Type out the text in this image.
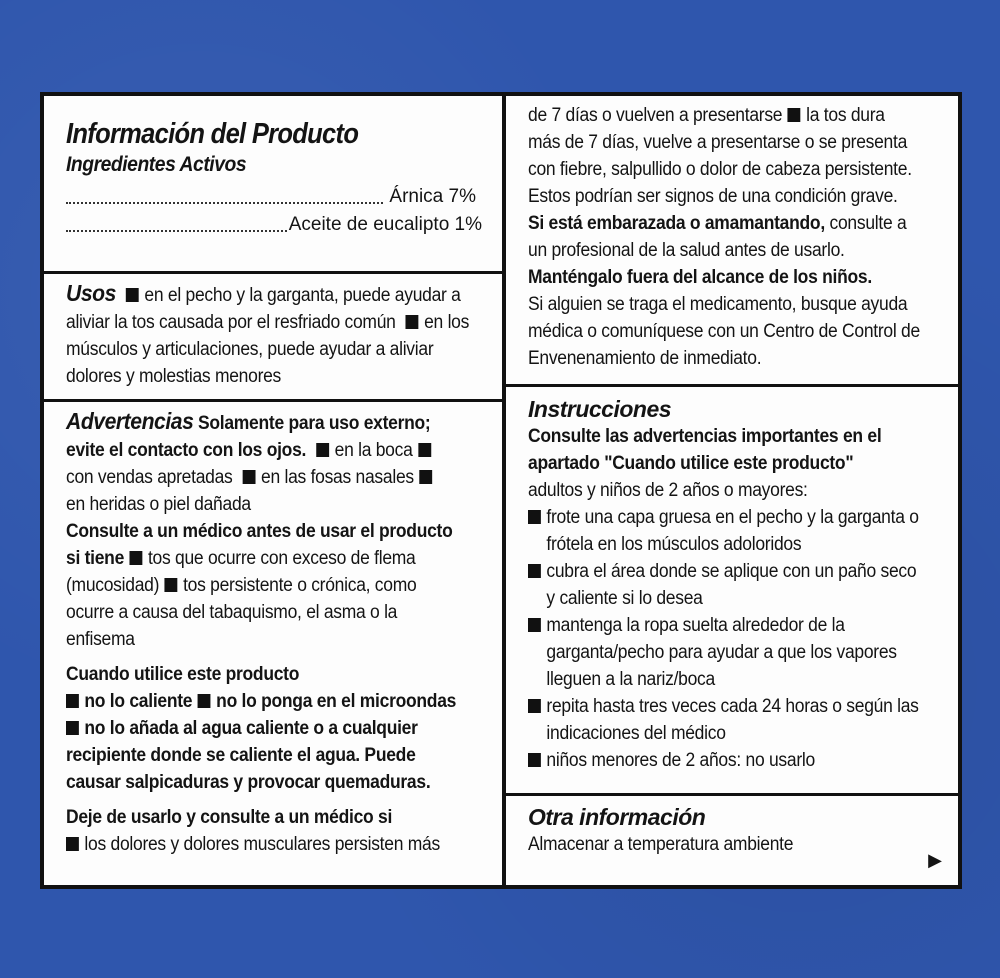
Información del Producto
Ingredientes Activos
Árnica 7%
Aceite de eucalipto 1%
Usos en el pecho y la garganta, puede ayudar a aliviar la tos causada por el resfriado común en los músculos y articulaciones, puede ayudar a aliviar dolores y molestias menores
Advertencias Solamente para uso externo;
evite el contacto con los ojos. en la boca
con vendas apretadas en las fosas nasales
en heridas o piel dañada
Consulte a un médico antes de usar el producto
si tiene tos que ocurre con exceso de flema
(mucosidad) tos persistente o crónica, como
ocurre a causa del tabaquismo, el asma o la
enfisema
Cuando utilice este producto
no lo caliente no lo ponga en el microondas
no lo añada al agua caliente o a cualquier
recipiente donde se caliente el agua. Puede
causar salpicaduras y provocar quemaduras.
Deje de usarlo y consulte a un médico si
los dolores y dolores musculares persisten más
de 7 días o vuelven a presentarse la tos dura
más de 7 días, vuelve a presentarse o se presenta
con fiebre, salpullido o dolor de cabeza persistente.
Estos podrían ser signos de una condición grave.
Si está embarazada o amamantando, consulte a
un profesional de la salud antes de usarlo.
Manténgalo fuera del alcance de los niños.
Si alguien se traga el medicamento, busque ayuda
médica o comuníquese con un Centro de Control de
Envenenamiento de inmediato.
Instrucciones
Consulte las advertencias importantes en el
apartado "Cuando utilice este producto"
adultos y niños de 2 años o mayores:
frote una capa gruesa en el pecho y la garganta o
frótela en los músculos adoloridos
cubra el área donde se aplique con un paño seco
y caliente si lo desea
mantenga la ropa suelta alrededor de la
garganta/pecho para ayudar a que los vapores
lleguen a la nariz/boca
repita hasta tres veces cada 24 horas o según las
indicaciones del médico
niños menores de 2 años: no usarlo
Otra información
Almacenar a temperatura ambiente
▶
